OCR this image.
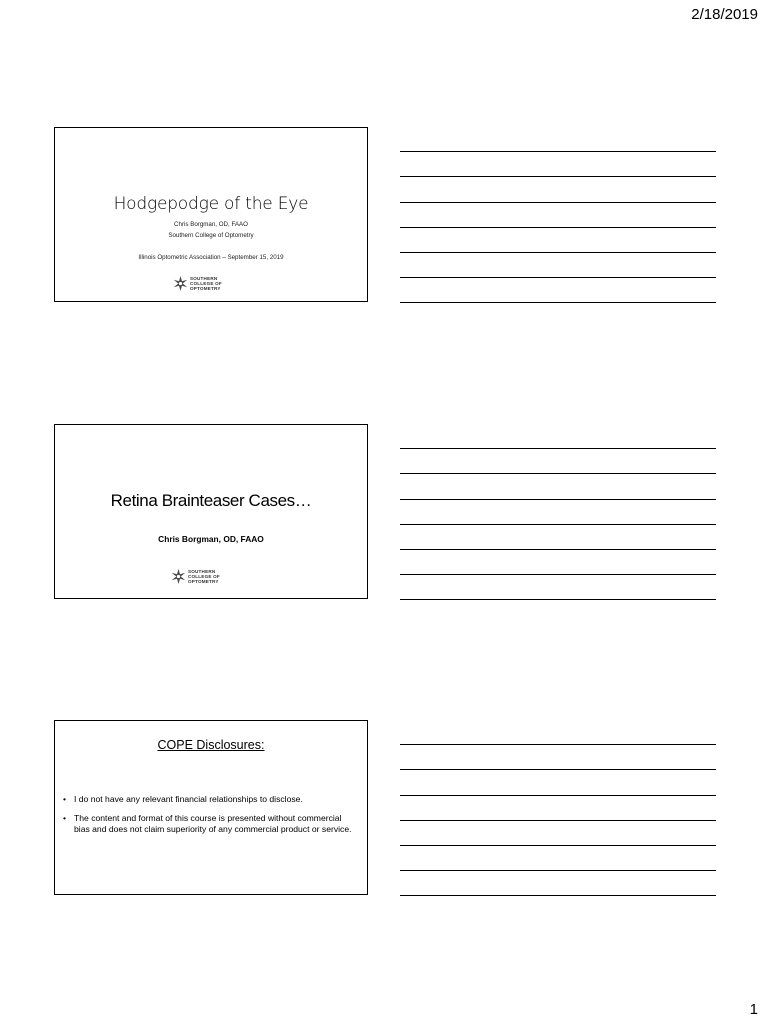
2/18/2019
Hodgepodge of the Eye
Chris Borgman, OD, FAAO
Southern College of Optometry
Illinois Optometric Association – September 15, 2019
SOUTHERN
COLLEGE OF
OPTOMETRY
Retina Brainteaser Cases…
Chris Borgman, OD, FAAO
SOUTHERN
COLLEGE OF
OPTOMETRY
COPE Disclosures:
• I do not have any relevant financial relationships to disclose.
• The content and format of this course is presented without commercial bias and does not claim superiority of any commercial product or service.
1
